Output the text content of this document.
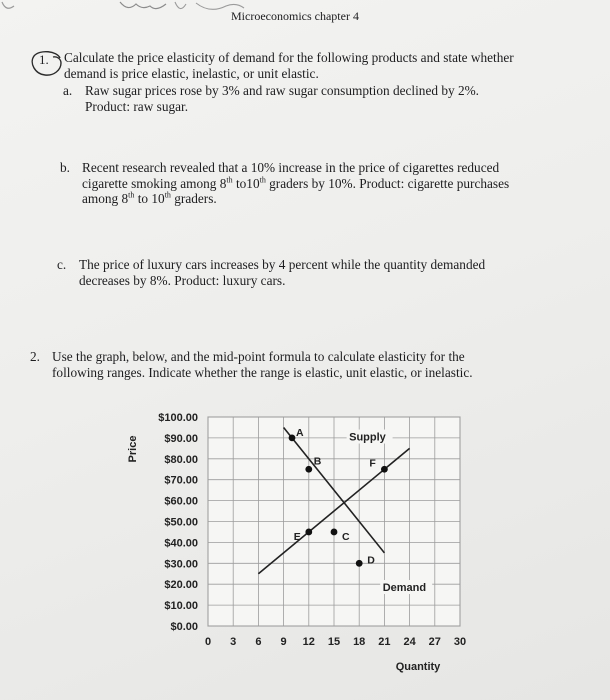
Microeconomics chapter 4
1. Calculate the price elasticity of demand for the following products and state whether
demand is price elastic, inelastic, or unit elastic.
a. Raw sugar prices rose by 3% and raw sugar consumption declined by 2%.
Product: raw sugar.
b. Recent research revealed that a 10% increase in the price of cigarettes reduced
cigarette smoking among 8th to10th graders by 10%. Product: cigarette purchases
among 8th to 10th graders.
c. The price of luxury cars increases by 4 percent while the quantity demanded
decreases by 8%. Product: luxury cars.
2. Use the graph, below, and the mid-point formula to calculate elasticity for the
following ranges. Indicate whether the range is elastic, unit elastic, or inelastic.
A
B
C
D
E
F
Supply
Demand
$0.00
$10.00
$20.00
$30.00
$40.00
$50.00
$60.00
$70.00
$80.00
$90.00
$100.00
0 3 6 9 12 15 18 21 24 27 30
Price
Quantity
